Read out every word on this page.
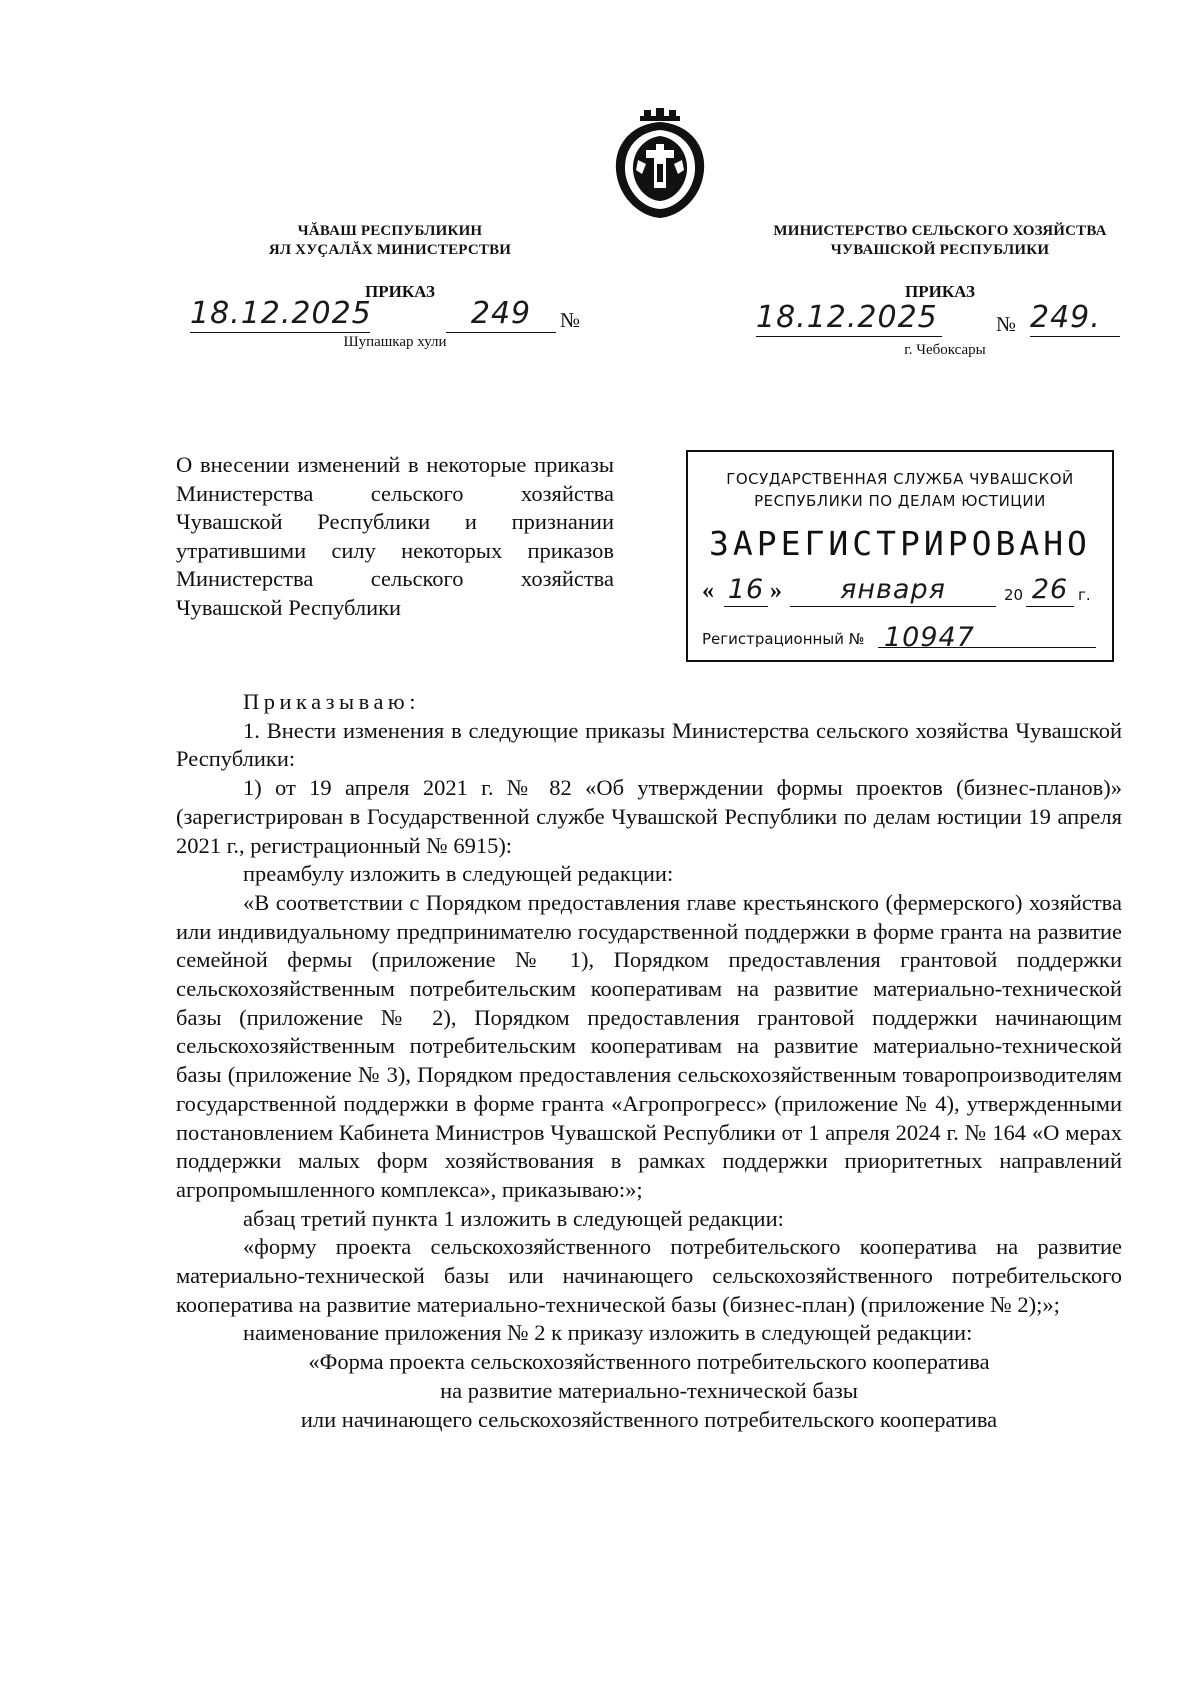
ЧĂВАШ РЕСПУБЛИКИН
ЯЛ ХУҪАЛĂХ МИНИСТЕРСТВИ
ПРИКАЗ
18.12.2025	249	№
Шупашкар хули
МИНИСТЕРСТВО СЕЛЬСКОГО ХОЗЯЙСТВА
ЧУВАШСКОЙ РЕСПУБЛИКИ
ПРИКАЗ
18.12.2025	№ 249.
г. Чебоксары
О внесении изменений в некоторые приказы Министерства сельского хозяйства Чувашской Республики и признании утратившими силу некоторых приказов Министерства сельского хозяйства Чувашской Республики
ГОСУДАРСТВЕННАЯ СЛУЖБА ЧУВАШСКОЙ
РЕСПУБЛИКИ ПО ДЕЛАМ ЮСТИЦИИ
ЗАРЕГИСТРИРОВАНО
« 16 »	января	20 26 г.
Регистрационный № 10947

Приказываю:

1. Внести изменения в следующие приказы Министерства сельского хозяйства Чувашской Республики:

1) от 19 апреля 2021 г. № 82 «Об утверждении формы проектов (бизнес-планов)» (зарегистрирован в Государственной службе Чувашской Республики по делам юстиции 19 апреля 2021 г., регистрационный № 6915):

преамбулу изложить в следующей редакции:

«В соответствии с Порядком предоставления главе крестьянского (фермерского) хозяйства или индивидуальному предпринимателю государственной поддержки в форме гранта на развитие семейной фермы (приложение № 1), Порядком предоставления грантовой поддержки сельскохозяйственным потребительским кооперативам на развитие материально-технической базы (приложение № 2), Порядком предоставления грантовой поддержки начинающим сельскохозяйственным потребительским кооперативам на развитие материально-технической базы (приложение № 3), Порядком предоставления сельскохозяйственным товаропроизводителям государственной поддержки в форме гранта «Агропрогресс» (приложение № 4), утвержденными постановлением Кабинета Министров Чувашской Республики от 1 апреля 2024 г. № 164 «О мерах поддержки малых форм хозяйствования в рамках поддержки приоритетных направлений агропромышленного комплекса», приказываю:»;

абзац третий пункта 1 изложить в следующей редакции:

«форму проекта сельскохозяйственного потребительского кооператива на развитие материально-технической базы или начинающего сельскохозяйственного потребительского кооператива на развитие материально-технической базы (бизнес-план) (приложение № 2);»;

наименование приложения № 2 к приказу изложить в следующей редакции:

«Форма проекта сельскохозяйственного потребительского кооператива

на развитие материально-технической базы

или начинающего сельскохозяйственного потребительского кооператива
